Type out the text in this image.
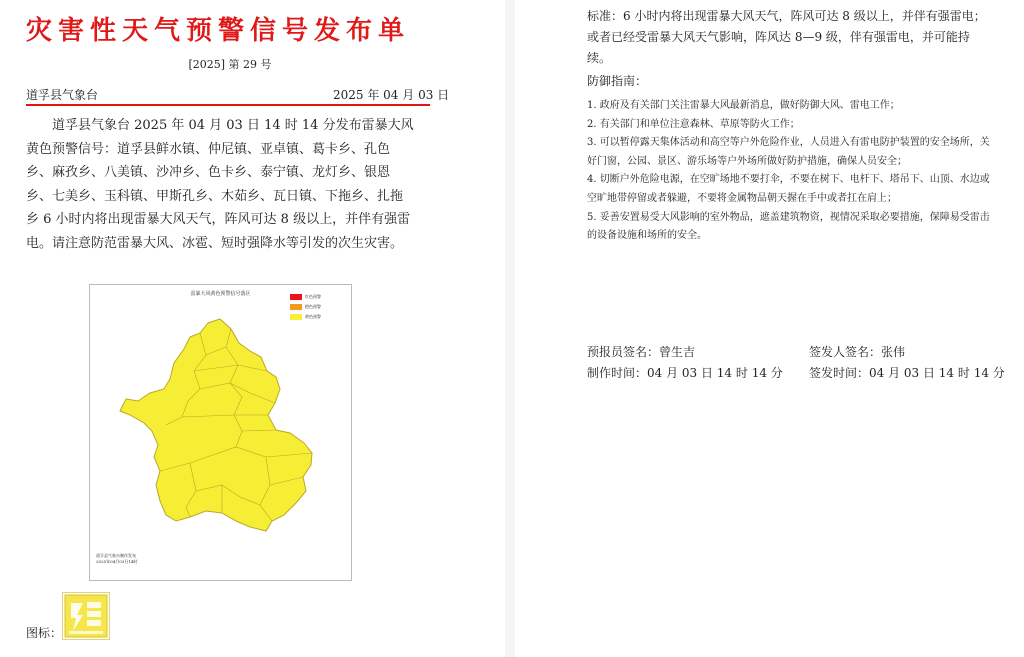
灾害性天气预警信号发布单
[2025] 第 29 号
道孚县气象台	2025 年 04 月 03 日

道孚县气象台 2025 年 04 月 03 日 14 时 14 分发布雷暴大风黄色预警信号：道孚县鲜水镇、仲尼镇、亚卓镇、葛卡乡、孔色乡、麻孜乡、八美镇、沙冲乡、色卡乡、泰宁镇、龙灯乡、银恩乡、七美乡、玉科镇、甲斯孔乡、木茹乡、瓦日镇、下拖乡、扎拖乡 6 小时内将出现雷暴大风天气，阵风可达 8 级以上，并伴有强雷电。请注意防范雷暴大风、冰雹、短时强降水等引发的次生灾害。

雷暴大风黄色预警信号落区	红色预警
橙色预警
黄色预警
道孚县气象台制作发布
2025年04月03日14时
图标：

标准：6 小时内将出现雷暴大风天气，阵风可达 8 级以上，并伴有强雷电；或者已经受雷暴大风天气影响，阵风达 8—9 级，伴有强雷电，并可能持续。

防御指南：
1. 政府及有关部门关注雷暴大风最新消息，做好防御大风、雷电工作；
2. 有关部门和单位注意森林、草原等防火工作；
3. 可以暂停露天集体活动和高空等户外危险作业，人员进入有雷电防护装置的安全场所，关好门窗，公园、景区、游乐场等户外场所做好防护措施，确保人员安全；
4. 切断户外危险电源，在空旷场地不要打伞，不要在树下、电杆下、塔吊下、山顶、水边或空旷地带停留或者躲避，不要将金属物品朝天握在手中或者扛在肩上；
5. 妥善安置易受大风影响的室外物品，遮盖建筑物资，视情况采取必要措施，保障易受雷击的设备设施和场所的安全。
预报员签名：曾生吉	签发人签名：张伟
制作时间：04 月 03 日 14 时 14 分 签发时间：04 月 03 日 14 时 14 分
